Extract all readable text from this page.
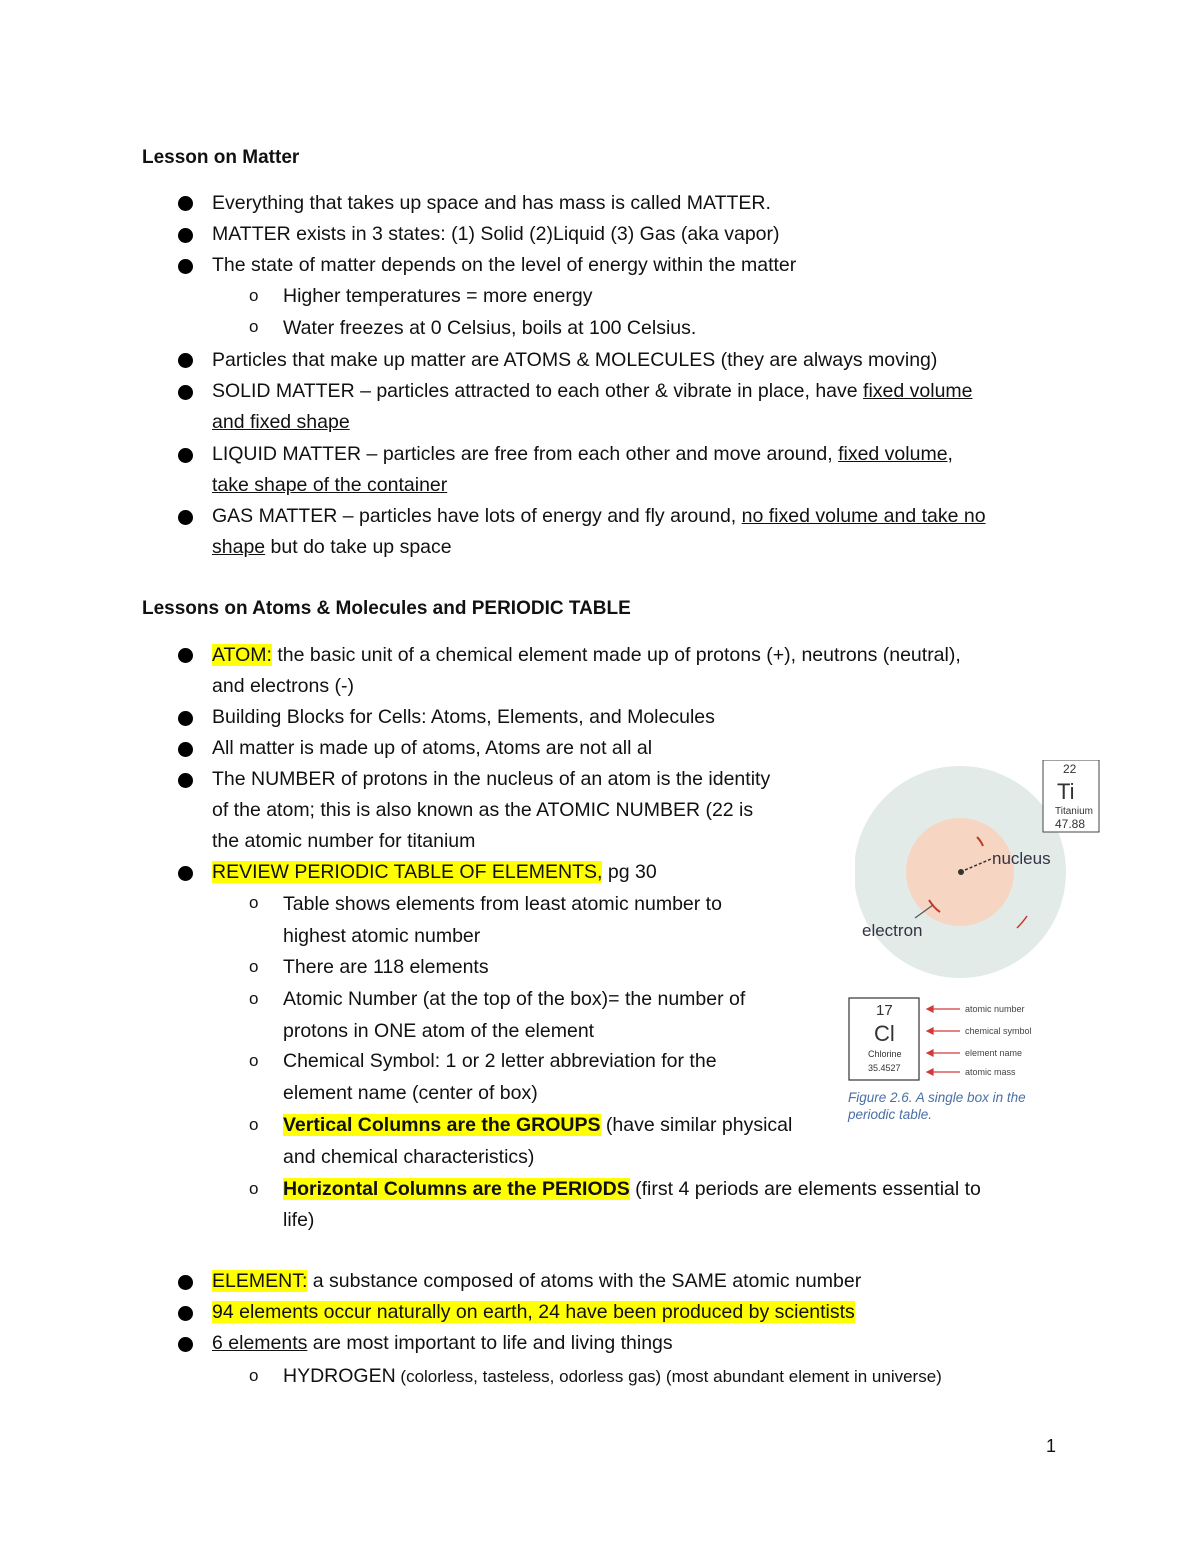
Lesson on Matter
Everything that takes up space and has mass is called MATTER.
MATTER exists in 3 states: (1) Solid (2)Liquid (3) Gas (aka vapor)
The state of matter depends on the level of energy within the matter
o Higher temperatures = more energy
o Water freezes at 0 Celsius, boils at 100 Celsius.
Particles that make up matter are ATOMS & MOLECULES (they are always moving)
SOLID MATTER – particles attracted to each other & vibrate in place, have fixed volume
and fixed shape
LIQUID MATTER – particles are free from each other and move around, fixed volume,
take shape of the container
GAS MATTER – particles have lots of energy and fly around, no fixed volume and take no
shape but do take up space
Lessons on Atoms & Molecules and PERIODIC TABLE
ATOM: the basic unit of a chemical element made up of protons (+), neutrons (neutral),
and electrons (-)
Building Blocks for Cells: Atoms, Elements, and Molecules
All matter is made up of atoms, Atoms are not all al
The NUMBER of protons in the nucleus of an atom is the identity
of the atom; this is also known as the ATOMIC NUMBER (22 is
the atomic number for titanium
REVIEW PERIODIC TABLE OF ELEMENTS, pg 30
o Table shows elements from least atomic number to
highest atomic number
o There are 118 elements
o Atomic Number (at the top of the box)= the number of
protons in ONE atom of the element
o Chemical Symbol: 1 or 2 letter abbreviation for the
element name (center of box)
o Vertical Columns are the GROUPS (have similar physical
and chemical characteristics)
o Horizontal Columns are the PERIODS (first 4 periods are elements essential to
life)
ELEMENT: a substance composed of atoms with the SAME atomic number
94 elements occur naturally on earth, 24 have been produced by scientists
6 elements are most important to life and living things
o HYDROGEN (colorless, tasteless, odorless gas) (most abundant element in universe)
nucleus
electron
22
Ti
Titanium
47.88
17
Cl
Chlorine
35.4527
atomic number
chemical symbol
element name
atomic mass
Figure 2.6. A single box in the
periodic table.
1
